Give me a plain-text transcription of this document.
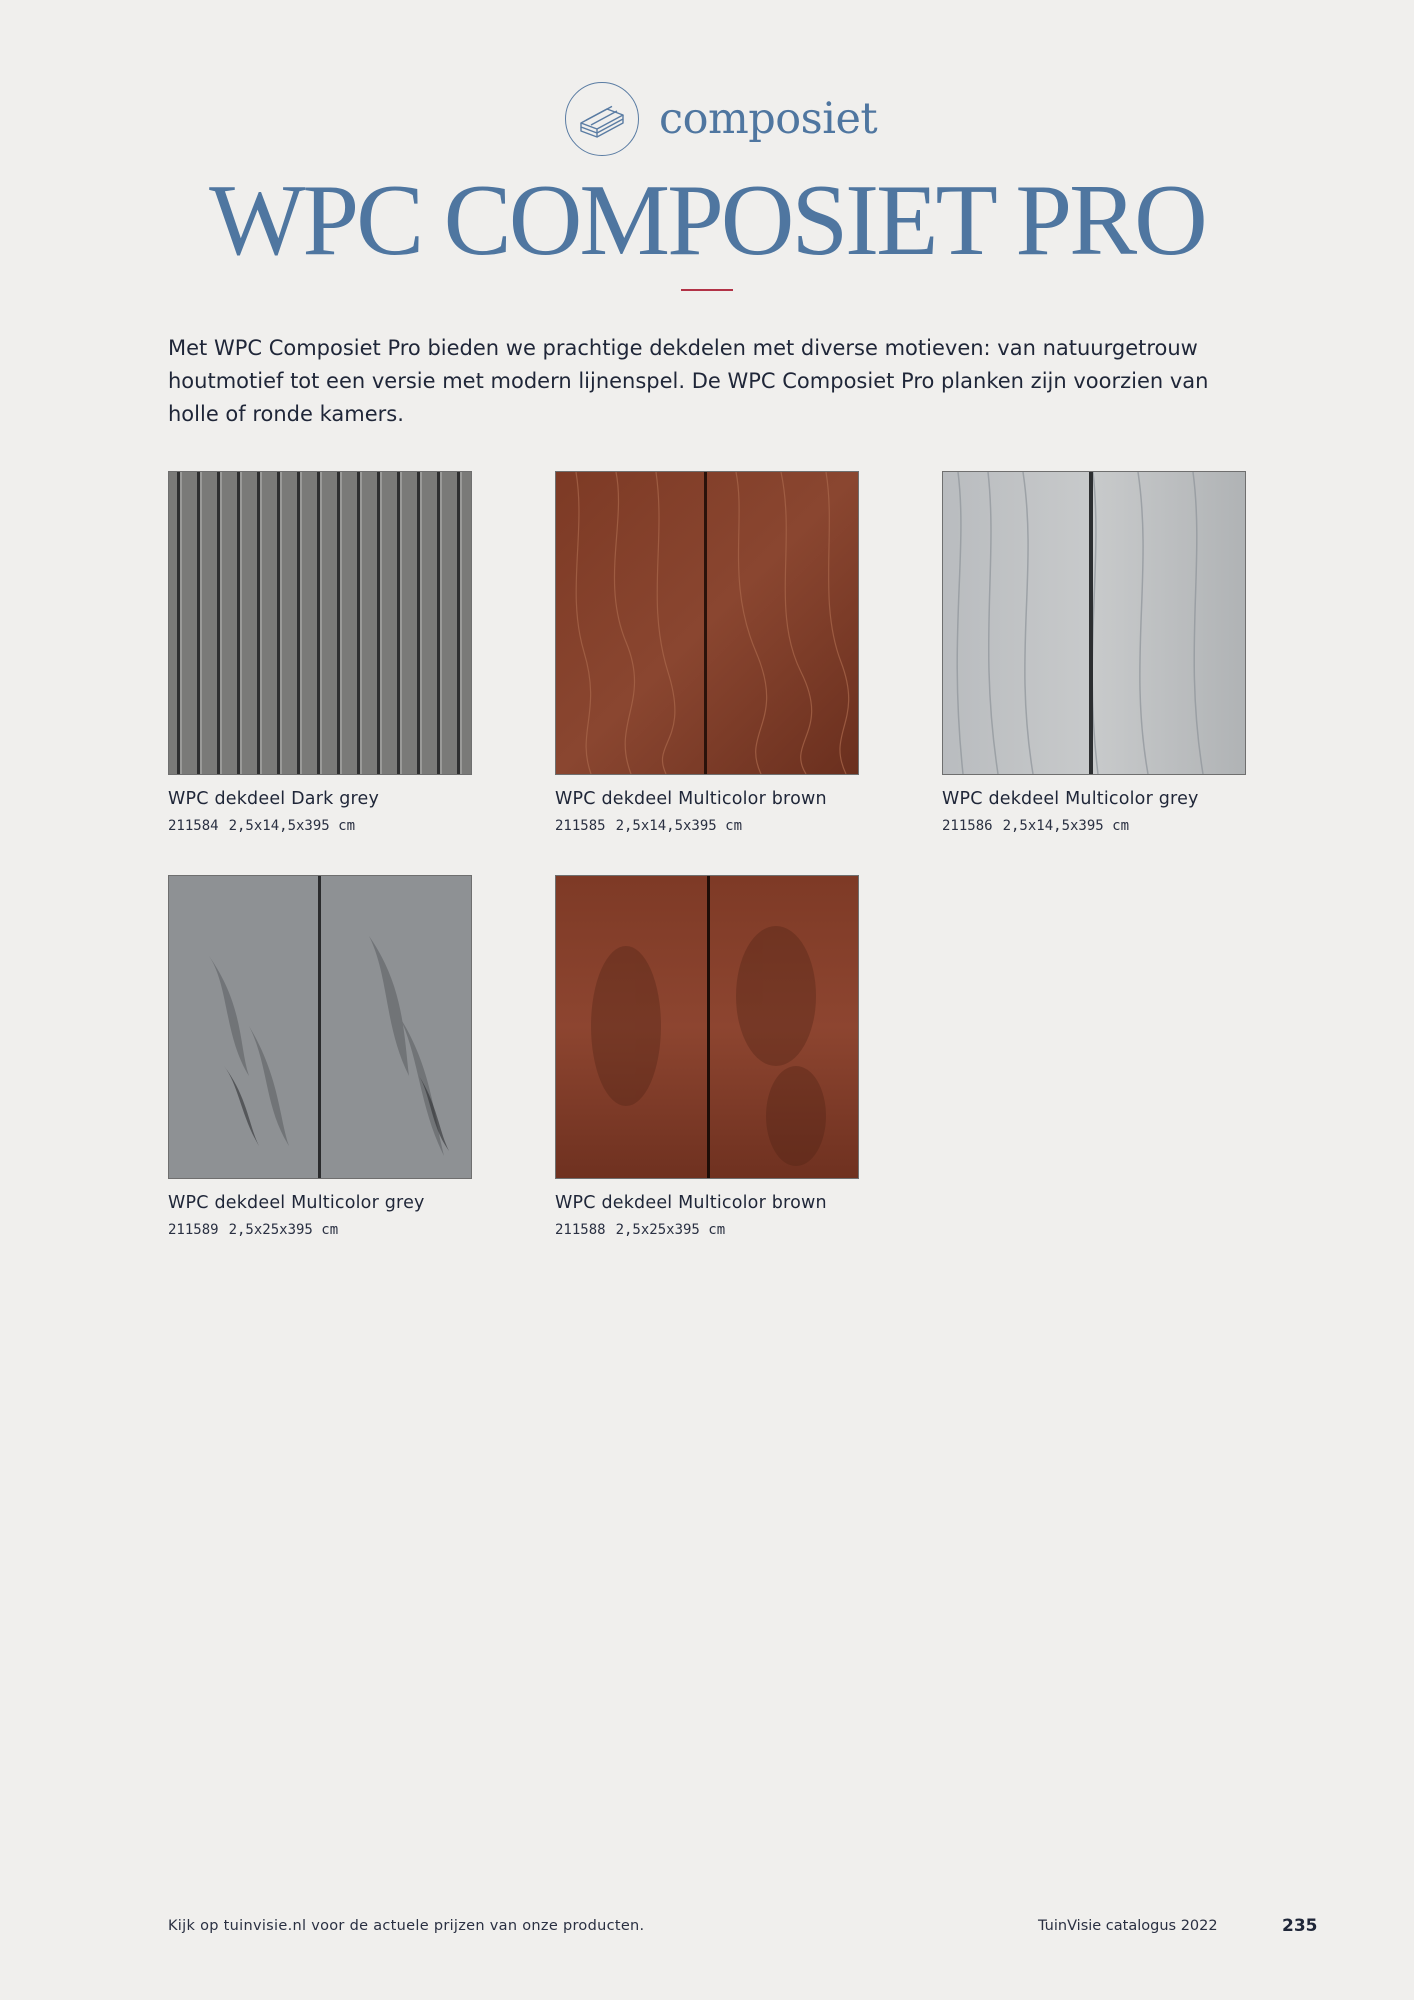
composiet
WPC COMPOSIET PRO

Met WPC Composiet Pro bieden we prachtige dekdelen met diverse motieven: van natuurgetrouw houtmotief tot een versie met modern lijnenspel. De WPC Composiet Pro planken zijn voorzien van holle of ronde kamers.

WPC dekdeel Dark grey
211584 2,5x14,5x395 cm
WPC dekdeel Multicolor brown
211585 2,5x14,5x395 cm
WPC dekdeel Multicolor grey
211586 2,5x14,5x395 cm
WPC dekdeel Multicolor grey
211589 2,5x25x395 cm
WPC dekdeel Multicolor brown
211588 2,5x25x395 cm
Kijk op tuinvisie.nl voor de actuele prijzen van onze producten.	TuinVisie catalogus 2022	235
